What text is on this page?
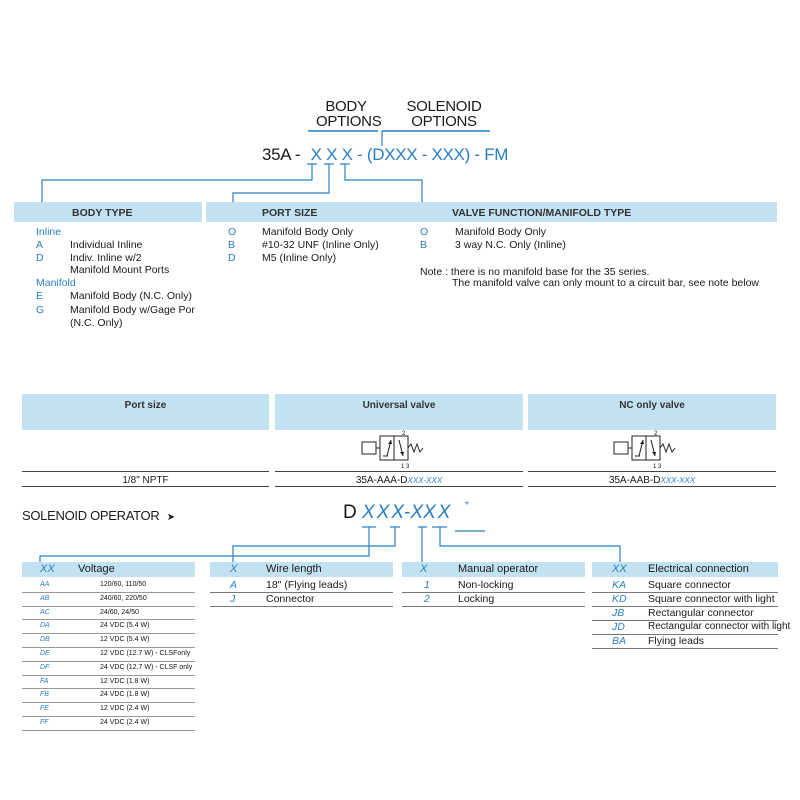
BODY
OPTIONS
SOLENOID
OPTIONS
35A - X X X - (DXXX - XXX) - FM
BODY TYPE	PORT SIZE	VALVE FUNCTION/MANIFOLD TYPE
Inline
A	Individual Inline
D	Indiv. Inline w/2
Manifold Mount Ports
Manifold
E	Manifold Body (N.C. Only)
G Manifold Body w/Gage Por
(N.C. Only)
O Manifold Body Only
B	#10-32 UNF (Inline Only)
D	M5 (Inline Only)
O	Manifold Body Only
B	3 way N.C. Only (Inline)
Note : there is no manifold base for the 35 series.
The manifold valve can only mount to a circuit bar, see note below
Port size	Universal valve	NC only valve
2
1 3
2
1 3
1/8" NPTF	35A-AAA-DXXX-XXX	35A-AAB-DXXX-XXX
SOLENOID OPERATOR ➤	D XXX-XXX *
XX Voltage
AA	120/60, 110/50
AB	240/60, 220/50
AC	24/60, 24/50
DA	24 VDC (5.4 W)
DB	12 VDC (5.4 W)
DE	12 VDC (12.7 W) - CLSFonly
DF	24 VDC (12.7 W) - CLSF only
FA	12 VDC (1.8 W)
FB	24 VDC (1.8 W)
FE	12 VDC (2.4 W)
FF	24 VDC (2.4 W)
X	Wire length
A	18" (Flying leads)
J	Connector
X	Manual operator
1	Non-locking
2	Locking
XX Electrical connection
KA Square connector
KD Square connector with light
JB Rectangular connector
JD Rectangular connector with light
BA Flying leads
